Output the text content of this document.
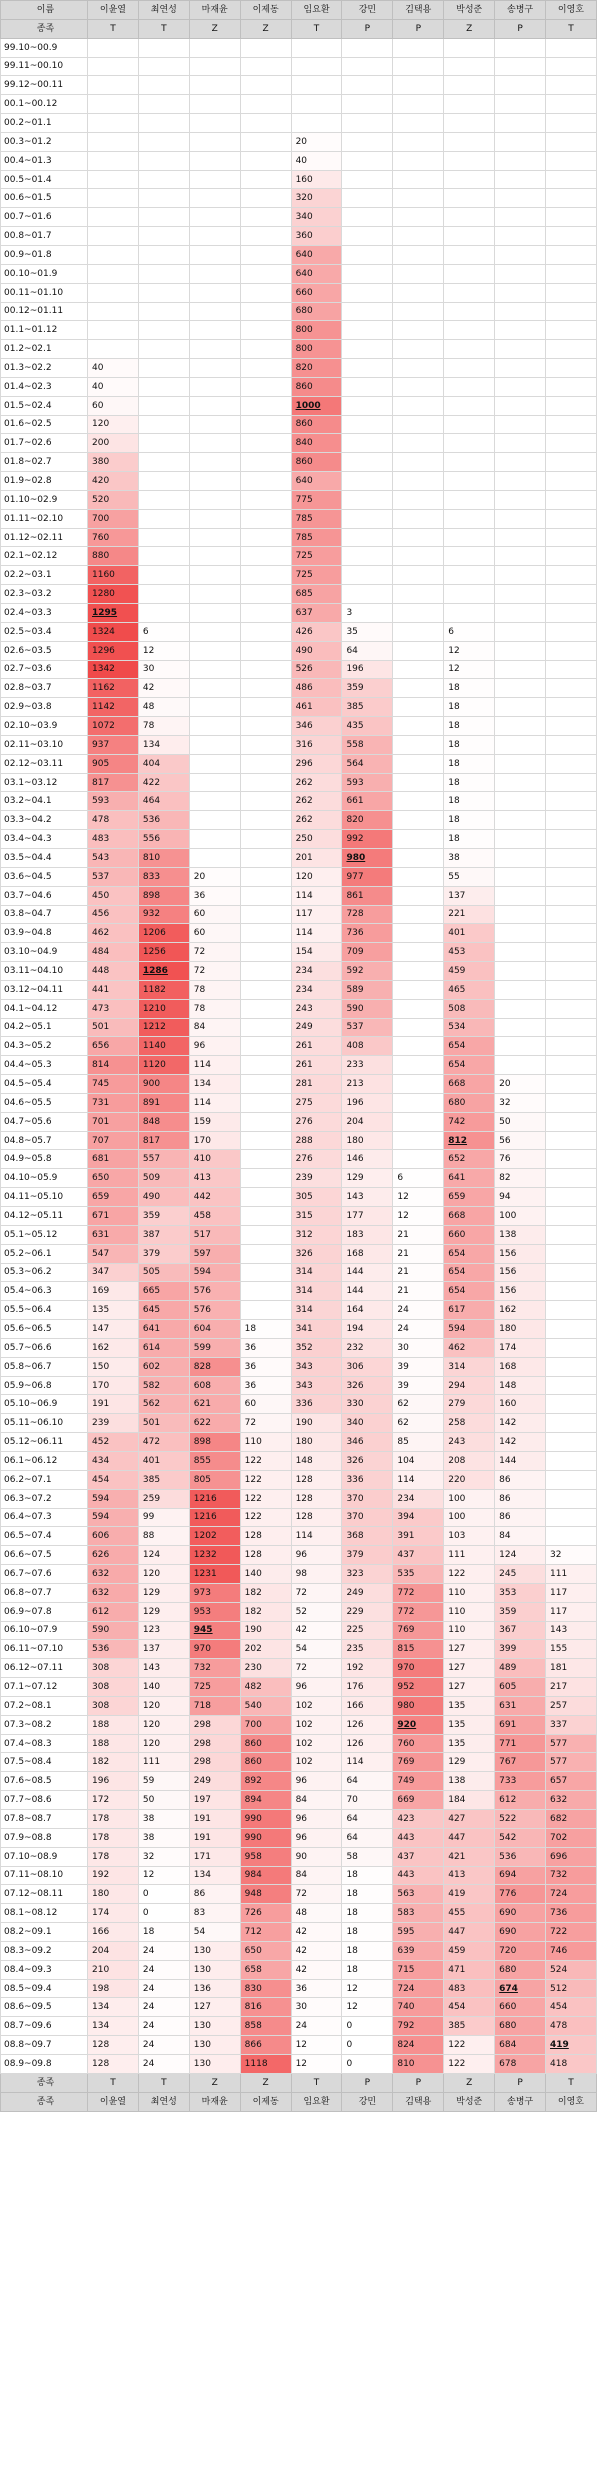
이름	이윤열	최연성	마재윤	이제동	임요환	강민	김택용	박성준	송병구	이영호
종족	T	T	Z	Z	T	P	P	Z	P	T
99.10~00.9										
99.11~00.10										
99.12~00.11										
00.1~00.12										
00.2~01.1										
00.3~01.2					20					
00.4~01.3					40					
00.5~01.4					160					
00.6~01.5					320					
00.7~01.6					340					
00.8~01.7					360					
00.9~01.8					640					
00.10~01.9					640					
00.11~01.10					660					
00.12~01.11					680					
01.1~01.12					800					
01.2~02.1					800					
01.3~02.2	40				820					
01.4~02.3	40				860					
01.5~02.4	60				1000					
01.6~02.5	120				860					
01.7~02.6	200				840					
01.8~02.7	380				860					
01.9~02.8	420				640					
01.10~02.9	520				775					
01.11~02.10	700				785					
01.12~02.11	760				785					
02.1~02.12	880				725					
02.2~03.1	1160				725					
02.3~03.2	1280				685					
02.4~03.3	1295				637	3				
02.5~03.4	1324	6			426	35		6		
02.6~03.5	1296	12			490	64		12		
02.7~03.6	1342	30			526	196		12		
02.8~03.7	1162	42			486	359		18		
02.9~03.8	1142	48			461	385		18		
02.10~03.9	1072	78			346	435		18		
02.11~03.10	937	134			316	558		18		
02.12~03.11	905	404			296	564		18		
03.1~03.12	817	422			262	593		18		
03.2~04.1	593	464			262	661		18		
03.3~04.2	478	536			262	820		18		
03.4~04.3	483	556			250	992		18		
03.5~04.4	543	810			201	980		38		
03.6~04.5	537	833	20		120	977		55		
03.7~04.6	450	898	36		114	861		137		
03.8~04.7	456	932	60		117	728		221		
03.9~04.8	462	1206	60		114	736		401		
03.10~04.9	484	1256	72		154	709		453		
03.11~04.10	448	1286	72		234	592		459		
03.12~04.11	441	1182	78		234	589		465		
04.1~04.12	473	1210	78		243	590		508		
04.2~05.1	501	1212	84		249	537		534		
04.3~05.2	656	1140	96		261	408		654		
04.4~05.3	814	1120	114		261	233		654		
04.5~05.4	745	900	134		281	213		668	20	
04.6~05.5	731	891	114		275	196		680	32	
04.7~05.6	701	848	159		276	204		742	50	
04.8~05.7	707	817	170		288	180		812	56	
04.9~05.8	681	557	410		276	146		652	76	
04.10~05.9	650	509	413		239	129	6	641	82	
04.11~05.10	659	490	442		305	143	12	659	94	
04.12~05.11	671	359	458		315	177	12	668	100	
05.1~05.12	631	387	517		312	183	21	660	138	
05.2~06.1	547	379	597		326	168	21	654	156	
05.3~06.2	347	505	594		314	144	21	654	156	
05.4~06.3	169	665	576		314	144	21	654	156	
05.5~06.4	135	645	576		314	164	24	617	162	
05.6~06.5	147	641	604	18	341	194	24	594	180	
05.7~06.6	162	614	599	36	352	232	30	462	174	
05.8~06.7	150	602	828	36	343	306	39	314	168	
05.9~06.8	170	582	608	36	343	326	39	294	148	
05.10~06.9	191	562	621	60	336	330	62	279	160	
05.11~06.10	239	501	622	72	190	340	62	258	142	
05.12~06.11	452	472	898	110	180	346	85	243	142	
06.1~06.12	434	401	855	122	148	326	104	208	144	
06.2~07.1	454	385	805	122	128	336	114	220	86	
06.3~07.2	594	259	1216	122	128	370	234	100	86	
06.4~07.3	594	99	1216	122	128	370	394	100	86	
06.5~07.4	606	88	1202	128	114	368	391	103	84	
06.6~07.5	626	124	1232	128	96	379	437	111	124	32
06.7~07.6	632	120	1231	140	98	323	535	122	245	111
06.8~07.7	632	129	973	182	72	249	772	110	353	117
06.9~07.8	612	129	953	182	52	229	772	110	359	117
06.10~07.9	590	123	945	190	42	225	769	110	367	143
06.11~07.10	536	137	970	202	54	235	815	127	399	155
06.12~07.11	308	143	732	230	72	192	970	127	489	181
07.1~07.12	308	140	725	482	96	176	952	127	605	217
07.2~08.1	308	120	718	540	102	166	980	135	631	257
07.3~08.2	188	120	298	700	102	126	920	135	691	337
07.4~08.3	188	120	298	860	102	126	760	135	771	577
07.5~08.4	182	111	298	860	102	114	769	129	767	577
07.6~08.5	196	59	249	892	96	64	749	138	733	657
07.7~08.6	172	50	197	894	84	70	669	184	612	632
07.8~08.7	178	38	191	990	96	64	423	427	522	682
07.9~08.8	178	38	191	990	96	64	443	447	542	702
07.10~08.9	178	32	171	958	90	58	437	421	536	696
07.11~08.10	192	12	134	984	84	18	443	413	694	732
07.12~08.11	180	0	86	948	72	18	563	419	776	724
08.1~08.12	174	0	83	726	48	18	583	455	690	736
08.2~09.1	166	18	54	712	42	18	595	447	690	722
08.3~09.2	204	24	130	650	42	18	639	459	720	746
08.4~09.3	210	24	130	658	42	18	715	471	680	524
08.5~09.4	198	24	136	830	36	12	724	483	674	512
08.6~09.5	134	24	127	816	30	12	740	454	660	454
08.7~09.6	134	24	130	858	24	0	792	385	680	478
08.8~09.7	128	24	130	866	12	0	824	122	684	419
08.9~09.8	128	24	130	1118	12	0	810	122	678	418
종족	T	T	Z	Z	T	P	P	Z	P	T
종족	이윤열	최연성	마재윤	이제동	임요환	강민	김택용	박성준	송병구	이영호
